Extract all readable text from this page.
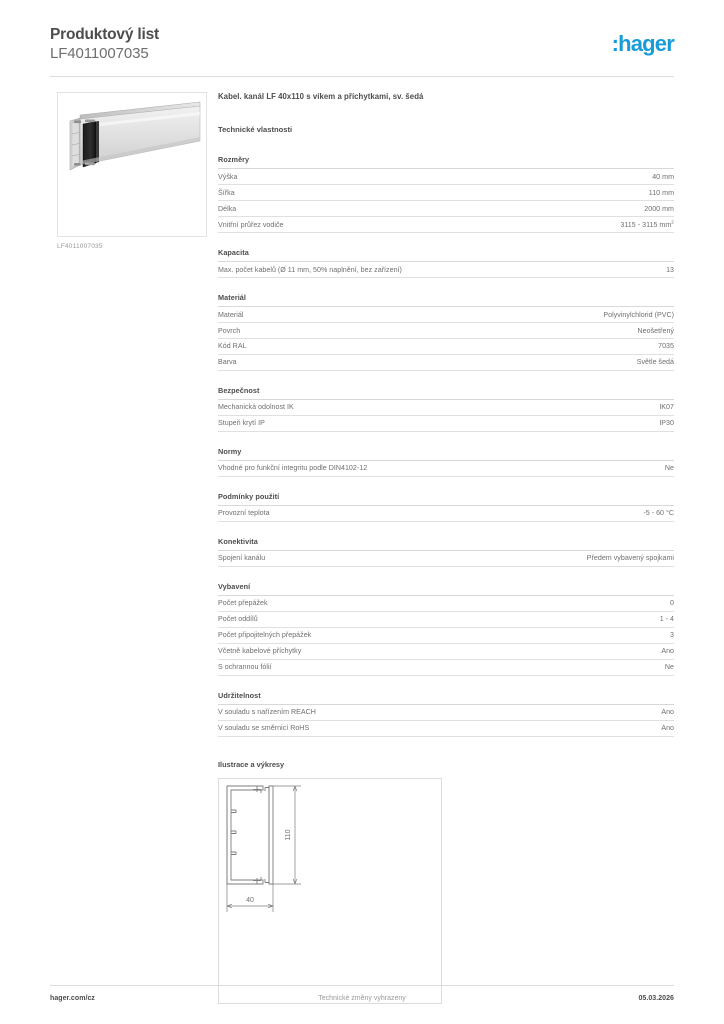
Produktový list
LF4011007035	:hager
LF4011007035
Kabel. kanál LF 40x110 s víkem a příchytkami, sv. šedá
Technické vlastnosti
Rozměry
Výška	40 mm
Šířka	110 mm
Délka	2000 mm
Vnitřní průřez vodiče	3115 - 3115 $mm^2$
Kapacita
Max. počet kabelů (Ø 11 mm, 50% naplnění, bez zařízení)	13
Materiál
Materiál	Polyvinylchlorid (PVC)
Povrch	Neošetřený
Kód RAL	7035
Barva	Světle šedá
Bezpečnost
Mechanická odolnost IK	IK07
Stupeň krytí IP	IP30
Normy
Vhodné pro funkční integritu podle DIN4102-12	Ne
Podmínky použití
Provozní teplota	-5 - 60 °C
Konektivita
Spojení kanálu	Předem vybavený spojkami
Vybavení
Počet přepážek	0
Počet oddílů	1 - 4
Počet připojitelných přepážek	3
Včetně kabelové příchytky	Ano
S ochrannou fólií	Ne
Udržitelnost
V souladu s nařízením REACH	Ano
V souladu se směrnicí RoHS	Ano
Ilustrace a výkresy
110
40
hager.com/cz	Technické změny vyhrazeny	05.03.2026
